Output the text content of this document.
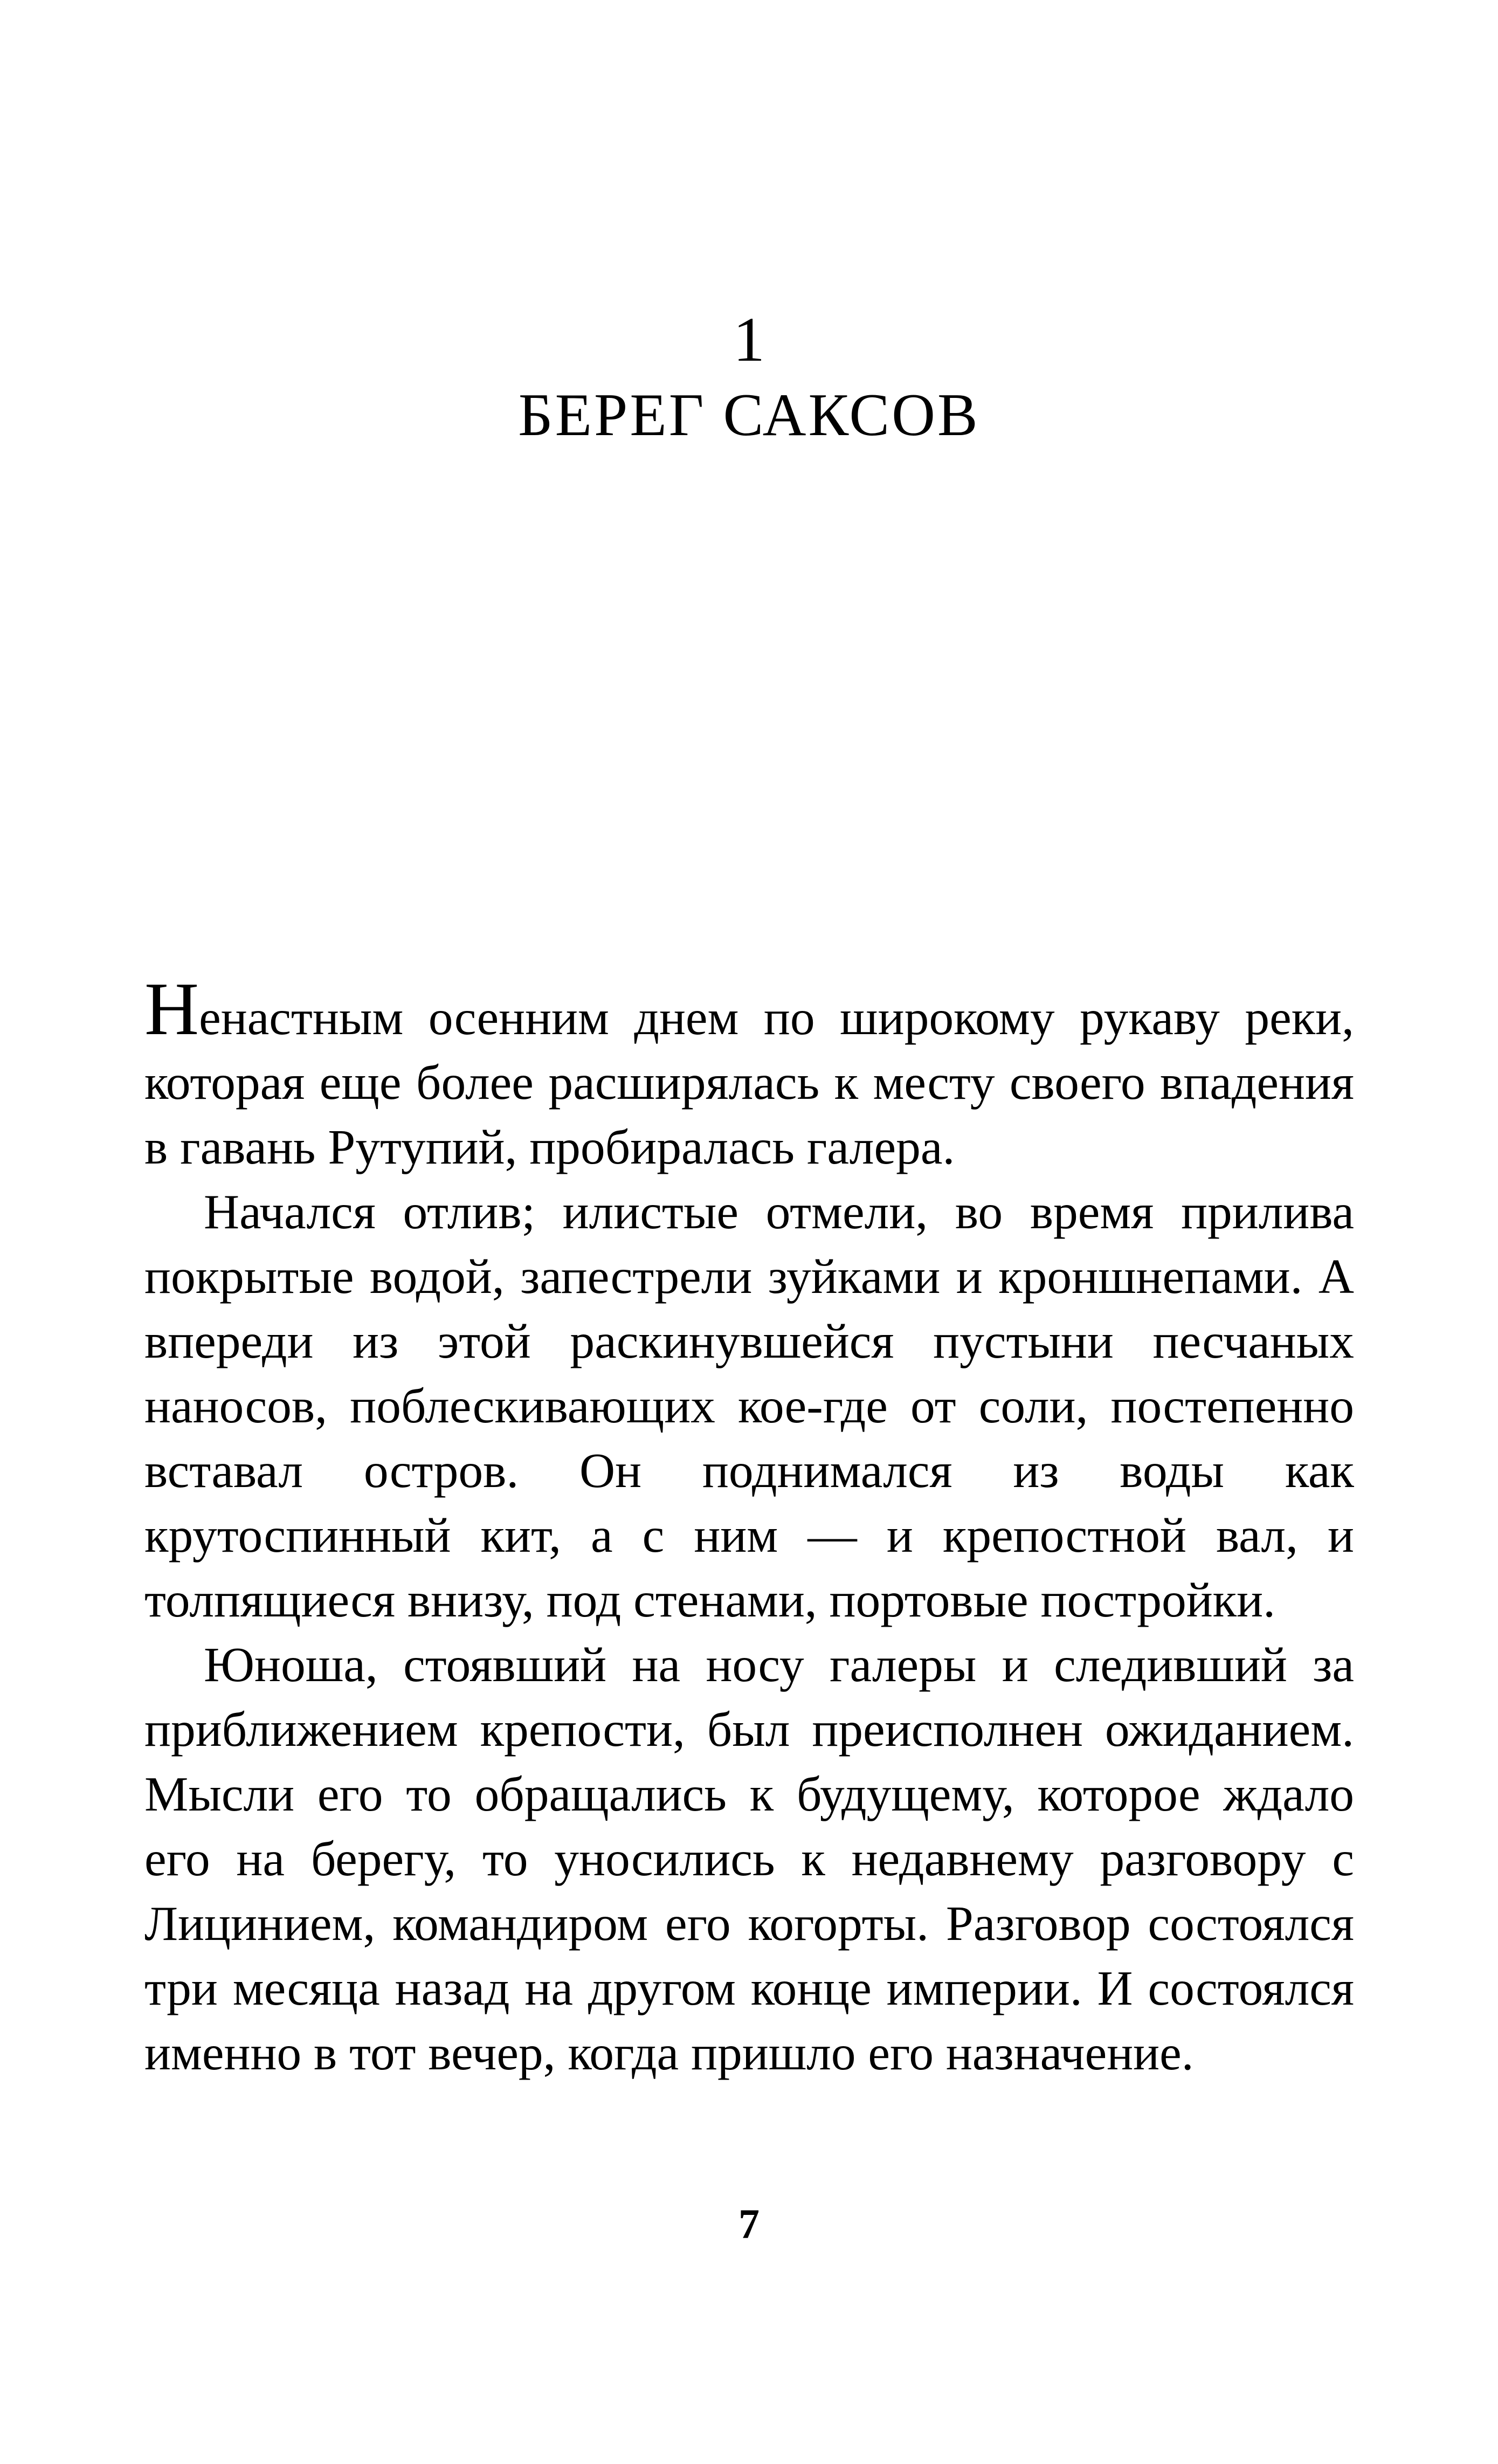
1
БЕРЕГ САКСОВ

Ненастным осенним днем по широкому рукаву реки, которая еще более расширялась к месту своего впадения в гавань Рутупий, пробиралась галера.

Начался отлив; илистые отмели, во время прилива покрытые водой, запестрели зуйками и кроншнепами. А впереди из этой раскинувшейся пустыни песчаных наносов, поблескивающих кое-где от соли, постепенно вставал остров. Он поднимался из воды как крутоспинный кит, а с ним — и крепостной вал, и толпящиеся внизу, под стенами, портовые постройки.

Юноша, стоявший на носу галеры и следивший за приближением крепости, был преисполнен ожиданием. Мысли его то обращались к будущему, которое ждало его на берегу, то уносились к недавнему разговору с Лицинием, командиром его когорты. Разговор состоялся три месяца назад на другом конце империи. И состоялся именно в тот вечер, когда пришло его назначение.

7
